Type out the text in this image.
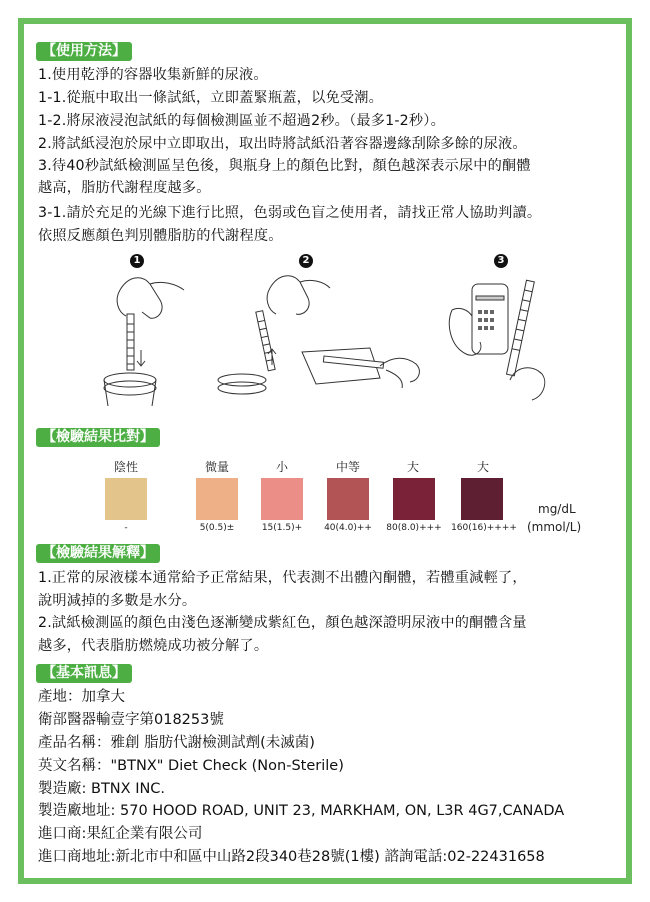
【使用方法】
1.使用乾淨的容器收集新鮮的尿液。
1-1.從瓶中取出一條試紙，立即蓋緊瓶蓋，以免受潮。
1-2.將尿液浸泡試紙的每個檢測區並不超過2秒。（最多1-2秒）。
2.將試紙浸泡於尿中立即取出，取出時將試紙沿著容器邊緣刮除多餘的尿液。
3.待40秒試紙檢測區呈色後，與瓶身上的顏色比對，顏色越深表示尿中的酮體
越高，脂肪代謝程度越多。
3-1.請於充足的光線下進行比照，色弱或色盲之使用者，請找正常人協助判讀。
依照反應顏色判別體脂肪的代謝程度。
1	2	3
【檢驗結果比對】
陰性	微量	小	中等	大	大
-	5(0.5)±	15(1.5)+	40(4.0)++	80(8.0)+++	160(16)++++
mg/dL
(mmol/L)
【檢驗結果解釋】
1.正常的尿液樣本通常給予正常結果，代表測不出體內酮體，若體重減輕了，
說明減掉的多數是水分。
2.試紙檢測區的顏色由淺色逐漸變成紫紅色，顏色越深證明尿液中的酮體含量
越多，代表脂肪燃燒成功被分解了。
【基本訊息】
產地：加拿大
衛部醫器輸壹字第018253號
產品名稱：雅創 脂肪代謝檢測試劑(未滅菌)
英文名稱："BTNX" Diet Check (Non-Sterile)
製造廠: BTNX INC.
製造廠地址: 570 HOOD ROAD, UNIT 23, MARKHAM, ON, L3R 4G7,CANADA
進口商:果紅企業有限公司
進口商地址:新北市中和區中山路2段340巷28號(1樓) 諮詢電話:02-22431658
